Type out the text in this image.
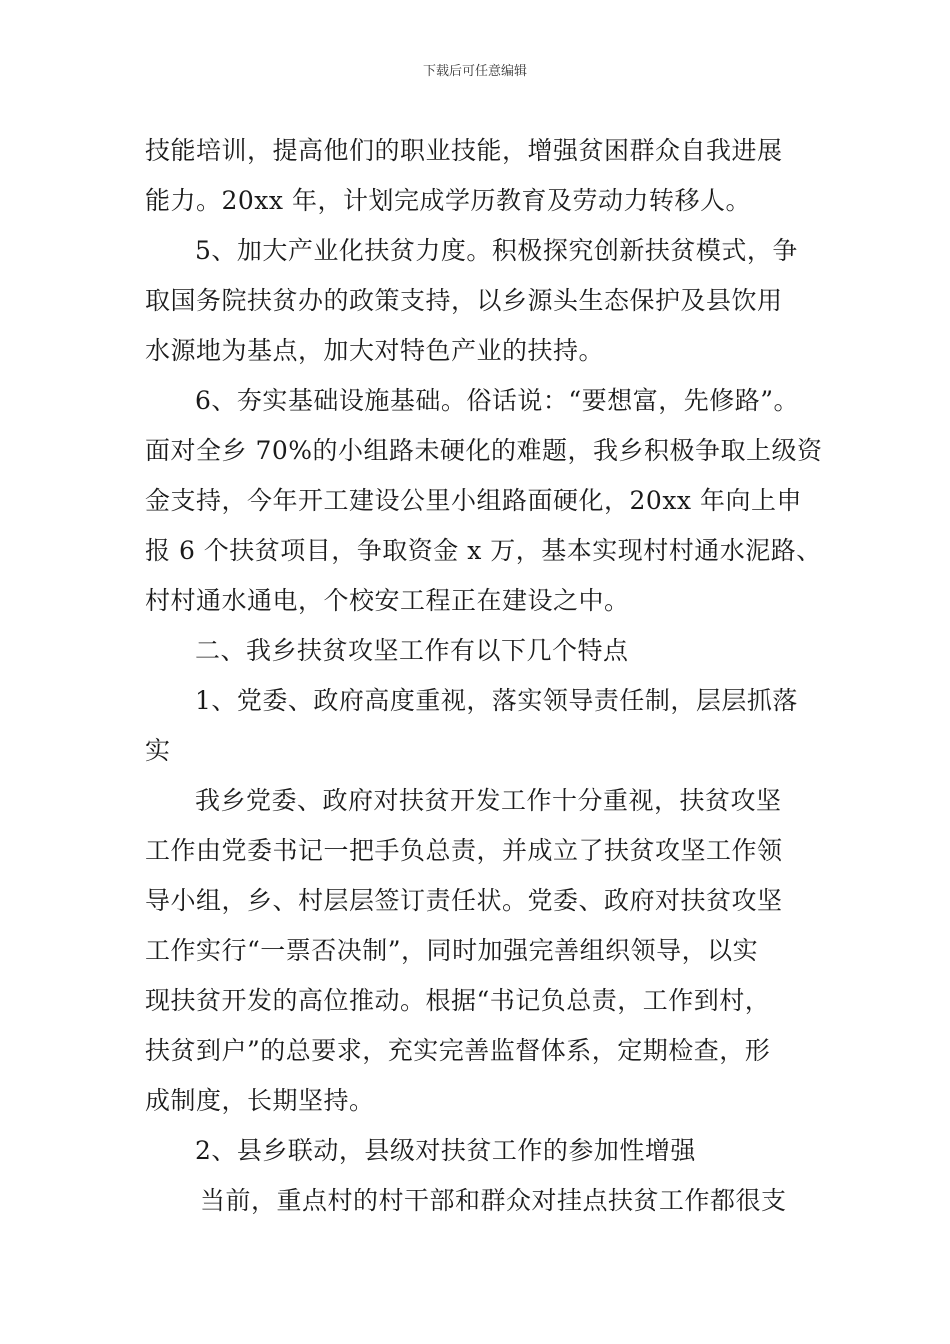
下载后可任意编辑
技能培训，提高他们的职业技能，增强贫困群众自我进展
能力。20xx 年，计划完成学历教育及劳动力转移人。
5、加大产业化扶贫力度。积极探究创新扶贫模式，争
取国务院扶贫办的政策支持，以乡源头生态保护及县饮用
水源地为基点，加大对特色产业的扶持。
6、夯实基础设施基础。俗话说：“要想富，先修路”。
面对全乡 70%的小组路未硬化的难题，我乡积极争取上级资
金支持，今年开工建设公里小组路面硬化，20xx 年向上申
报 6 个扶贫项目，争取资金 x 万，基本实现村村通水泥路、
村村通水通电，个校安工程正在建设之中。
二、我乡扶贫攻坚工作有以下几个特点
1、党委、政府高度重视，落实领导责任制，层层抓落
实
我乡党委、政府对扶贫开发工作十分重视，扶贫攻坚
工作由党委书记一把手负总责，并成立了扶贫攻坚工作领
导小组，乡、村层层签订责任状。党委、政府对扶贫攻坚
工作实行“一票否决制”，同时加强完善组织领导，以实
现扶贫开发的高位推动。根据“书记负总责，工作到村，
扶贫到户”的总要求，充实完善监督体系，定期检查，形
成制度，长期坚持。
2、县乡联动，县级对扶贫工作的参加性增强
当前，重点村的村干部和群众对挂点扶贫工作都很支
